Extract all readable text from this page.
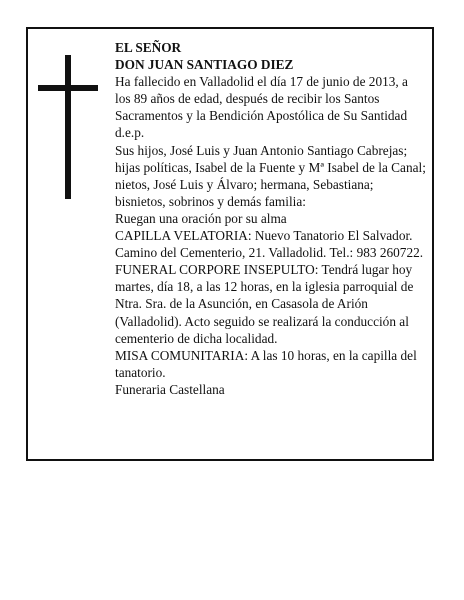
EL SEÑOR

DON JUAN SANTIAGO DIEZ

Ha fallecido en Valladolid el día 17 de junio de 2013, a los 89 años de edad, después de recibir los Santos Sacramentos y la Bendición Apostólica de Su Santidad d.e.p.

Sus hijos, José Luis y Juan Antonio Santiago Cabrejas; hijas políticas, Isabel de la Fuente y Mª Isabel de la Canal; nietos, José Luis y Álvaro; hermana, Sebastiana; bisnietos, sobrinos y demás familia:

Ruegan una oración por su alma

CAPILLA VELATORIA: Nuevo Tanatorio El Salvador. Camino del Cementerio, 21. Valladolid. Tel.: 983 260722.

FUNERAL CORPORE INSEPULTO: Tendrá lugar hoy martes, día 18, a las 12 horas, en la iglesia parroquial de Ntra. Sra. de la Asunción, en Casasola de Arión (Valladolid). Acto seguido se realizará la conducción al cementerio de dicha localidad.

MISA COMUNITARIA: A las 10 horas, en la capilla del tanatorio.

Funeraria Castellana
